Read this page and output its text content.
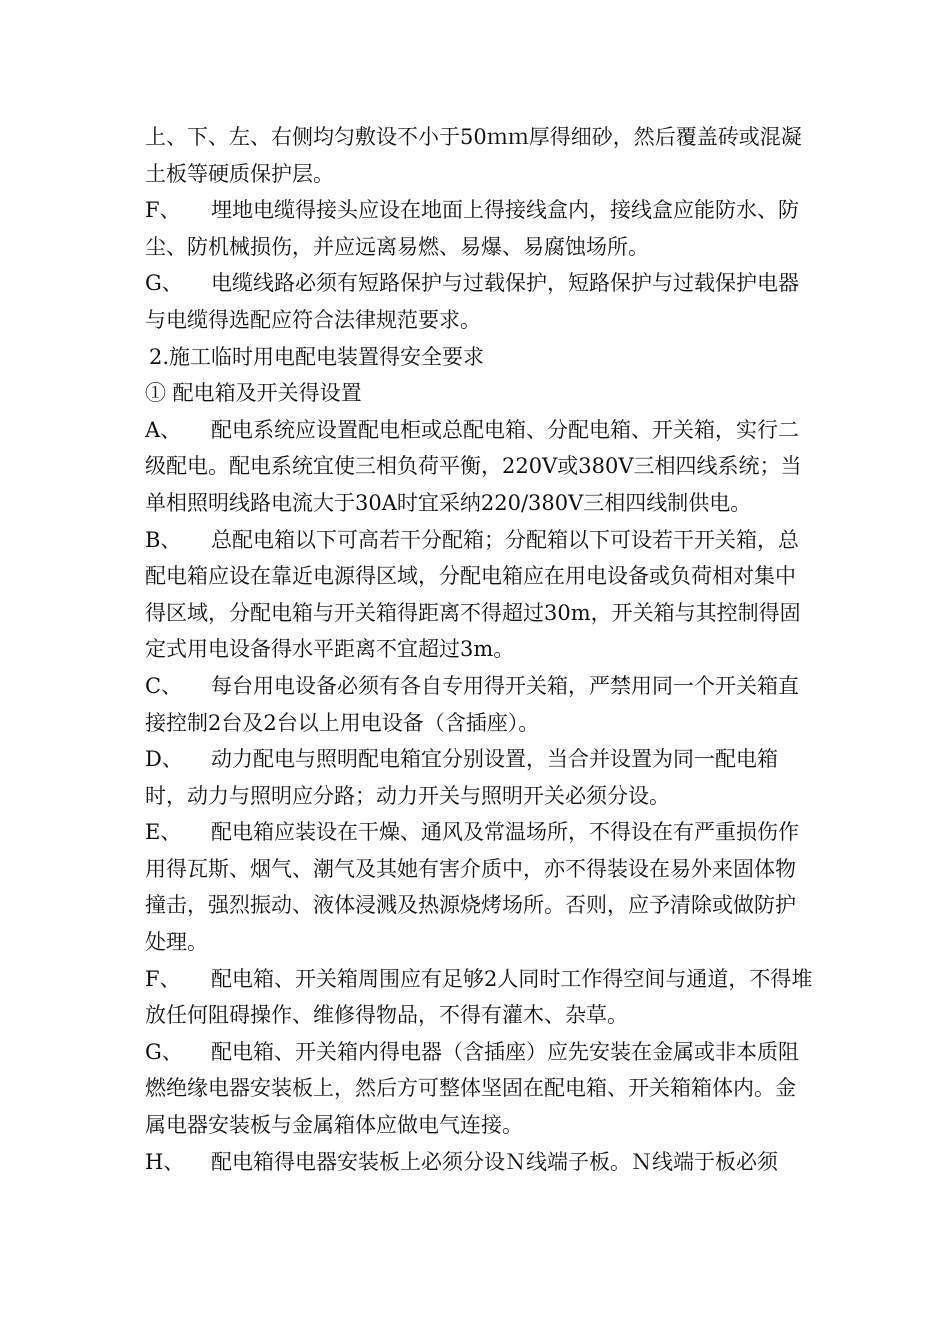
上、下、左、右侧均匀敷设不小于50ｍｍ厚得细砂，然后覆盖砖或混凝土板等硬质保护层。

F、 埋地电缆得接头应设在地面上得接线盒内，接线盒应能防水、防尘、防机械损伤，并应远离易燃、易爆、易腐蚀场所。

G、 电缆线路必须有短路保护与过载保护，短路保护与过载保护电器与电缆得选配应符合法律规范要求。

2.施工临时用电配电装置得安全要求

① 配电箱及开关得设置

A、 配电系统应设置配电柜或总配电箱、分配电箱、开关箱，实行二级配电。配电系统宜使三相负荷平衡，220V或380V三相四线系统；当单相照明线路电流大于30A时宜采纳220/380V三相四线制供电。

B、 总配电箱以下可高若干分配箱；分配箱以下可设若干开关箱，总配电箱应设在靠近电源得区域，分配电箱应在用电设备或负荷相对集中得区域，分配电箱与开关箱得距离不得超过30m，开关箱与其控制得固定式用电设备得水平距离不宜超过3m。

C、 每台用电设备必须有各自专用得开关箱，严禁用同一个开关箱直接控制2台及2台以上用电设备（含插座）。

D、 动力配电与照明配电箱宜分别设置，当合并设置为同一配电箱时，动力与照明应分路；动力开关与照明开关必须分设。

E、 配电箱应装设在干燥、通风及常温场所，不得设在有严重损伤作用得瓦斯、烟气、潮气及其她有害介质中，亦不得装设在易外来固体物撞击，强烈振动、液体浸溅及热源烧烤场所。否则，应予清除或做防护处理。

F、 配电箱、开关箱周围应有足够2人同时工作得空间与通道，不得堆放任何阻碍操作、维修得物品，不得有灌木、杂草。

G、 配电箱、开关箱内得电器（含插座）应先安装在金属或非本质阻燃绝缘电器安装板上，然后方可整体坚固在配电箱、开关箱箱体内。金属电器安装板与金属箱体应做电气连接。

H、 配电箱得电器安装板上必须分设Ｎ线端子板。Ｎ线端于板必须
